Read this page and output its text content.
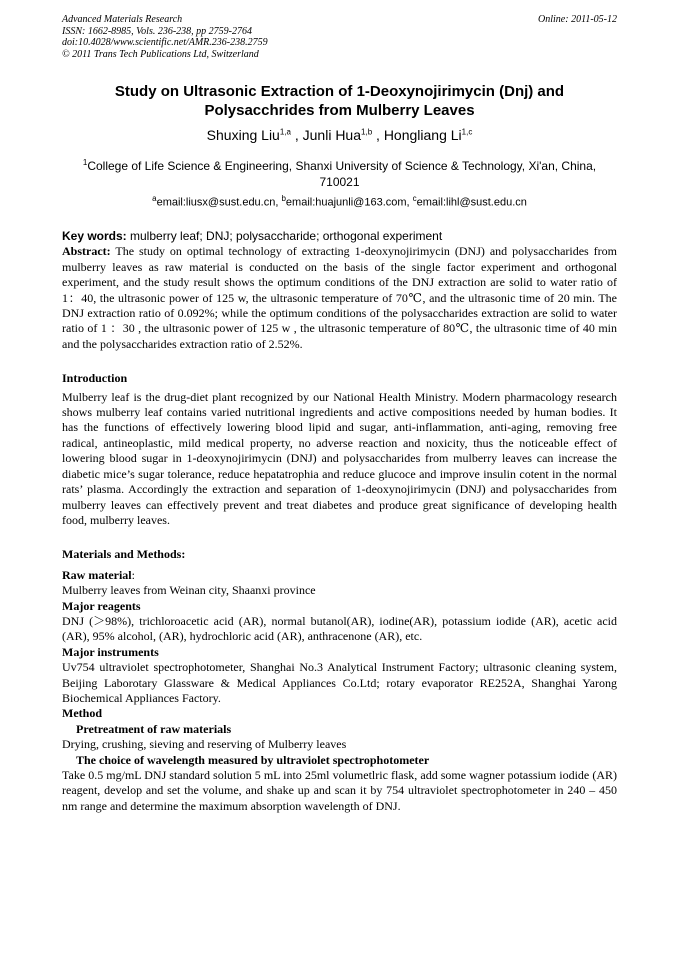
Advanced Materials Research
ISSN: 1662-8985, Vols. 236-238, pp 2759-2764
doi:10.4028/www.scientific.net/AMR.236-238.2759
© 2011 Trans Tech Publications Ltd, Switzerland
Online: 2011-05-12
Study on Ultrasonic Extraction of 1-Deoxynojirimycin (Dnj) and
Polysacchrides from Mulberry Leaves
Shuxing Liu$^{1,a}$ , Junli Hua$^{1,b}$ , Hongliang Li$^{1,c}$
$^1$College of Life Science & Engineering, Shanxi University of Science & Technology, Xi'an, China, 710021
$^a$email:liusx@sust.edu.cn, $^b$email:huajunli@163.com, $^c$email:lihl@sust.edu.cn

Key words: mulberry leaf; DNJ; polysaccharide; orthogonal experiment

Abstract: The study on optimal technology of extracting 1-deoxynojirimycin (DNJ) and polysaccharides from mulberry leaves as raw material is conducted on the basis of the single factor experiment and orthogonal experiment, and the study result shows the optimum conditions of the DNJ extraction are solid to water ratio of 1：40, the ultrasonic power of 125 w, the ultrasonic temperature of 70℃, and the ultrasonic time of 20 min. The DNJ extraction ratio of 0.092%; while the optimum conditions of the polysaccharides extraction are solid to water ratio of 1 ：30 , the ultrasonic power of 125 w , the ultrasonic temperature of 80℃, the ultrasonic time of 40 min and the polysaccharides extraction ratio of 2.52%.

Introduction

Mulberry leaf is the drug-diet plant recognized by our National Health Ministry. Modern pharmacology research shows mulberry leaf contains varied nutritional ingredients and active compositions needed by human bodies. It has the functions of effectively lowering blood lipid and sugar, anti-inflammation, anti-aging, removing free radical, antineoplastic, mild medical property, no adverse reaction and noxicity, thus the noticeable effect of lowering blood sugar in 1-deoxynojirimycin (DNJ) and polysaccharides from mulberry leaves can increase the diabetic mice’s sugar tolerance, reduce hepatatrophia and reduce glucoce and improve insulin cotent in the normal rats’ plasma. Accordingly the extraction and separation of 1-deoxynojirimycin (DNJ) and polysaccharides from mulberry leaves can effectively prevent and treat diabetes and produce great significance of developing health food, mulberry leaves.

Materials and Methods:

Raw material:

Mulberry leaves from Weinan city, Shaanxi province

Major reagents

DNJ (＞98%), trichloroacetic acid (AR), normal butanol(AR), iodine(AR), potassium iodide (AR), acetic acid (AR), 95% alcohol, (AR), hydrochloric acid (AR), anthracenone (AR), etc.

Major instruments

Uv754 ultraviolet spectrophotometer, Shanghai No.3 Analytical Instrument Factory; ultrasonic cleaning system, Beijing Laborotary Glassware & Medical Appliances Co.Ltd; rotary evaporator RE252A, Shanghai Yarong Biochemical Appliances Factory.

Method

Pretreatment of raw materials

Drying, crushing, sieving and reserving of Mulberry leaves

The choice of wavelength measured by ultraviolet spectrophotometer

Take 0.5 mg/mL DNJ standard solution 5 mL into 25ml volumetlric flask, add some wagner potassium iodide (AR) reagent, develop and set the volume, and shake up and scan it by 754 ultraviolet spectrophotometer in 240 – 450 nm range and determine the maximum absorption wavelength of DNJ.
